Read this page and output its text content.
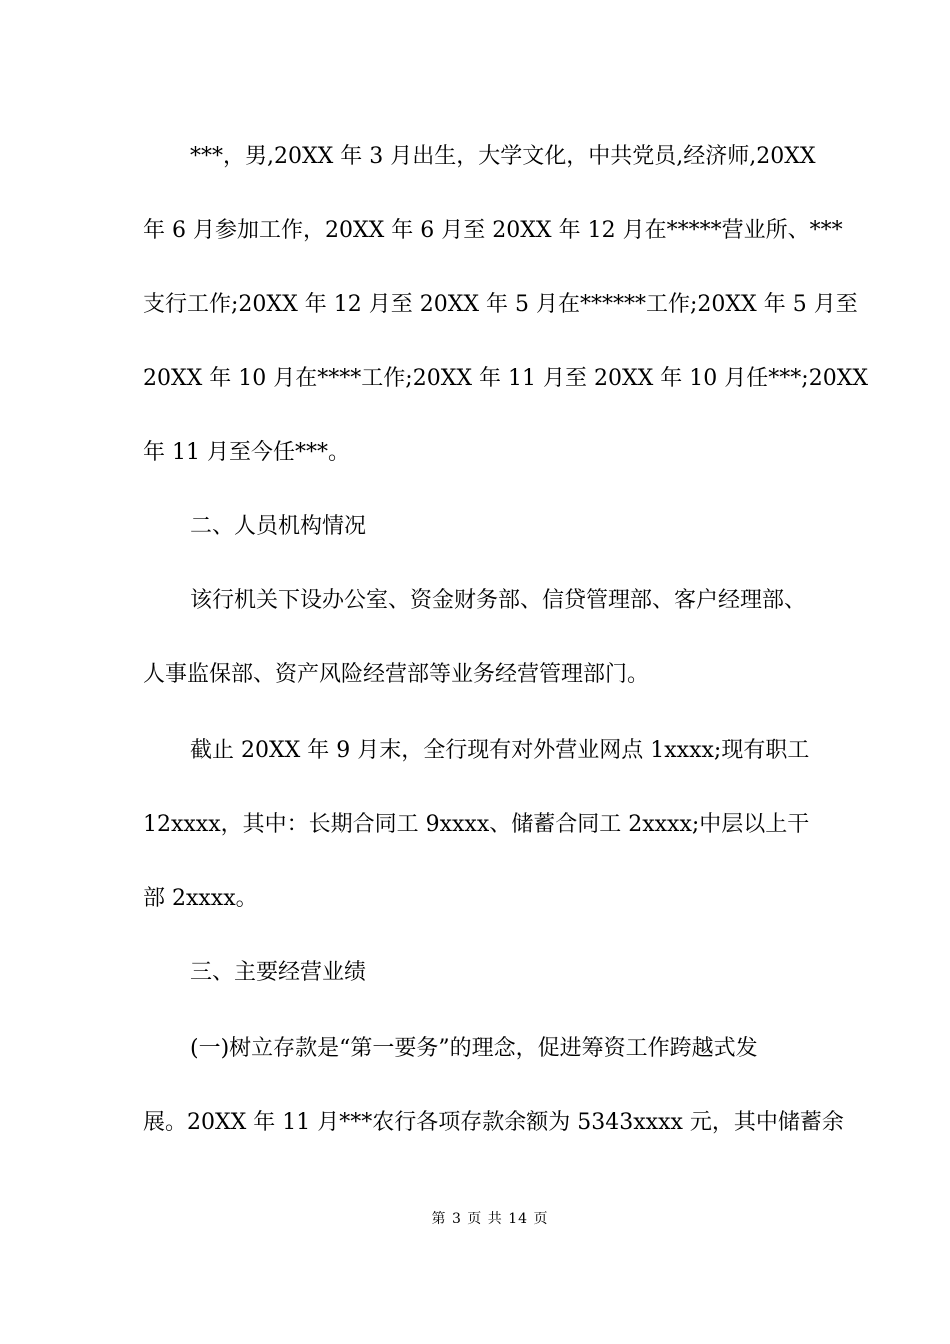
***，男,20XX 年 3 月出生，大学文化，中共党员,经济师,20XX
年 6 月参加工作，20XX 年 6 月至 20XX 年 12 月在*****营业所、***
支行工作;20XX 年 12 月至 20XX 年 5 月在******工作;20XX 年 5 月至
20XX 年 10 月在****工作;20XX 年 11 月至 20XX 年 10 月任***;20XX
年 11 月至今任***。
二、人员机构情况
该行机关下设办公室、资金财务部、信贷管理部、客户经理部、
人事监保部、资产风险经营部等业务经营管理部门。
截止 20XX 年 9 月末，全行现有对外营业网点 1xxxx;现有职工
12xxxx，其中：长期合同工 9xxxx、储蓄合同工 2xxxx;中层以上干
部 2xxxx。
三、主要经营业绩
(一)树立存款是“第一要务”的理念，促进筹资工作跨越式发
展。20XX 年 11 月***农行各项存款余额为 5343xxxx 元，其中储蓄余
第 3 页 共 14 页
